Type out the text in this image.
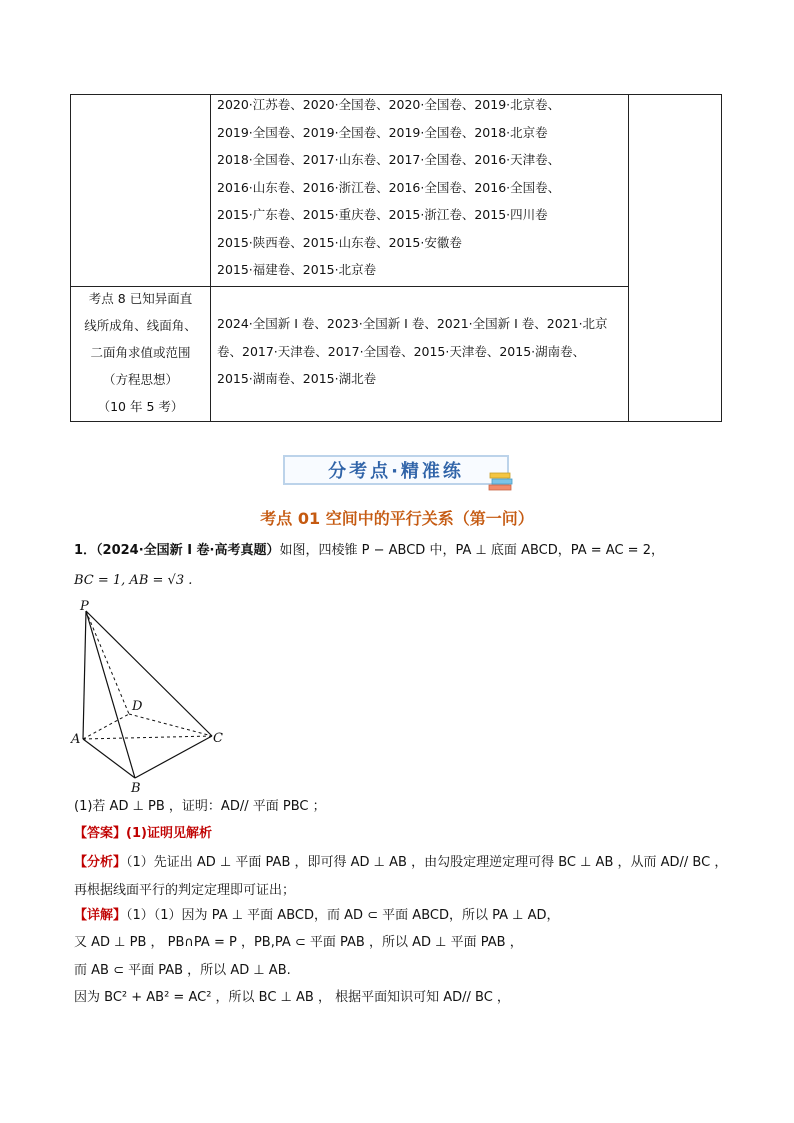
2020·江苏卷、2020·全国卷、2020·全国卷、2019·北京卷、
2019·全国卷、2019·全国卷、2019·全国卷、2018·北京卷
2018·全国卷、2017·山东卷、2017·全国卷、2016·天津卷、
2016·山东卷、2016·浙江卷、2016·全国卷、2016·全国卷、
2015·广东卷、2015·重庆卷、2015·浙江卷、2015·四川卷
2015·陕西卷、2015·山东卷、2015·安徽卷
2015·福建卷、2015·北京卷
考点 8 已知异面直
线所成角、线面角、
二面角求值或范围
（方程思想）
（10 年 5 考）
2024·全国新 I 卷、2023·全国新 I 卷、2021·全国新 I 卷、2021·北京
卷、2017·天津卷、2017·全国卷、2015·天津卷、2015·湖南卷、
2015·湖南卷、2015·湖北卷
分考点·精准练
考点 01 空间中的平行关系（第一问）
1．（2024·全国新 I 卷·高考真题）如图，四棱锥 P − ABCD 中，PA ⊥ 底面 ABCD，PA = AC = 2，
BC = 1, AB = √3 .
P
D
A
B
C
(1)若 AD ⊥ PB ，证明：AD// 平面 PBC ；
【答案】(1)证明见解析
【分析】（1）先证出 AD ⊥ 平面 PAB ，即可得 AD ⊥ AB ，由勾股定理逆定理可得 BC ⊥ AB ，从而 AD// BC ，
再根据线面平行的判定定理即可证出；
【详解】（1）（1）因为 PA ⊥ 平面 ABCD，而 AD ⊂ 平面 ABCD，所以 PA ⊥ AD，
又 AD ⊥ PB ， PB∩PA = P ，PB,PA ⊂ 平面 PAB ，所以 AD ⊥ 平面 PAB ，
而 AB ⊂ 平面 PAB ，所以 AD ⊥ AB.
因为 BC² + AB² = AC² ，所以 BC ⊥ AB ， 根据平面知识可知 AD// BC ，
